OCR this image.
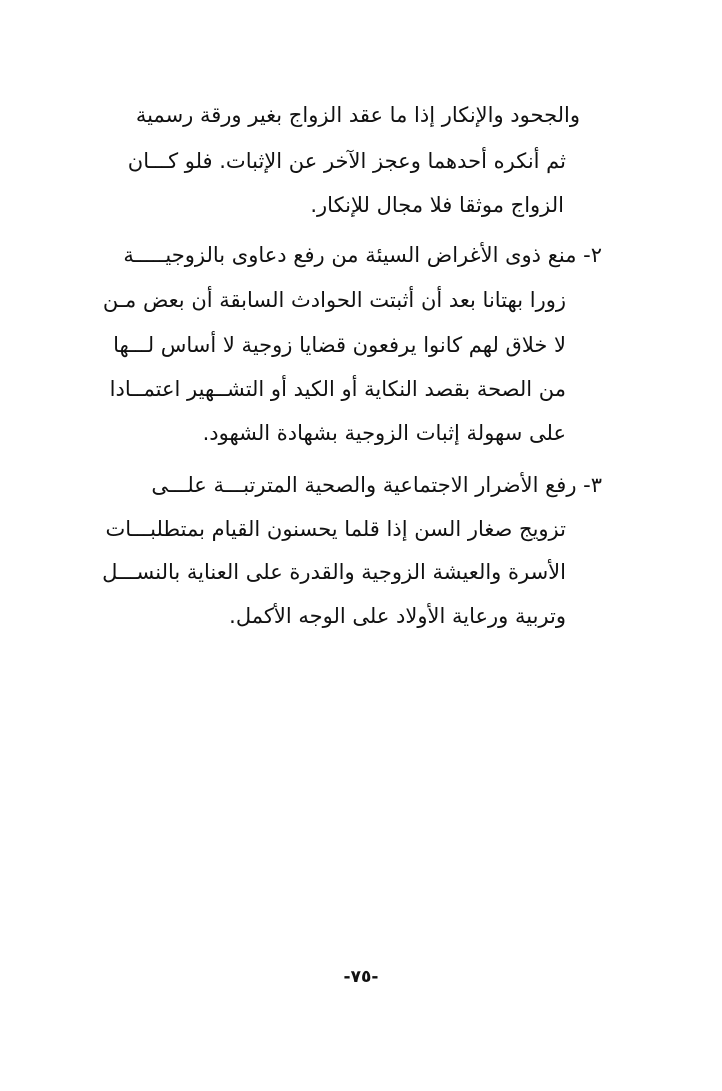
والجحود والإنكار إذا ما عقد الزواج بغير ورقة رسمية
ثم أنكره أحدهما وعجز الآخر عن الإثبات. فلو كـــان
الزواج موثقا فلا مجال للإنكار.
٢- منع ذوى الأغراض السيئة من رفع دعاوى بالزوجيـــــة
زورا بهتانا بعد أن أثبتت الحوادث السابقة أن بعض مـن
لا خلاق لهم كانوا يرفعون قضايا زوجية لا أساس لـــها
من الصحة بقصد النكاية أو الكيد أو التشــهير اعتمــادا
على سهولة إثبات الزوجية بشهادة الشهود.
٣- رفع الأضرار الاجتماعية والصحية المترتبـــة علـــى
تزويج صغار السن إذا قلما يحسنون القيام بمتطلبـــات
الأسرة والعيشة الزوجية والقدرة على العناية بالنســـل
وتربية ورعاية الأولاد على الوجه الأكمل.
-٧٥-
